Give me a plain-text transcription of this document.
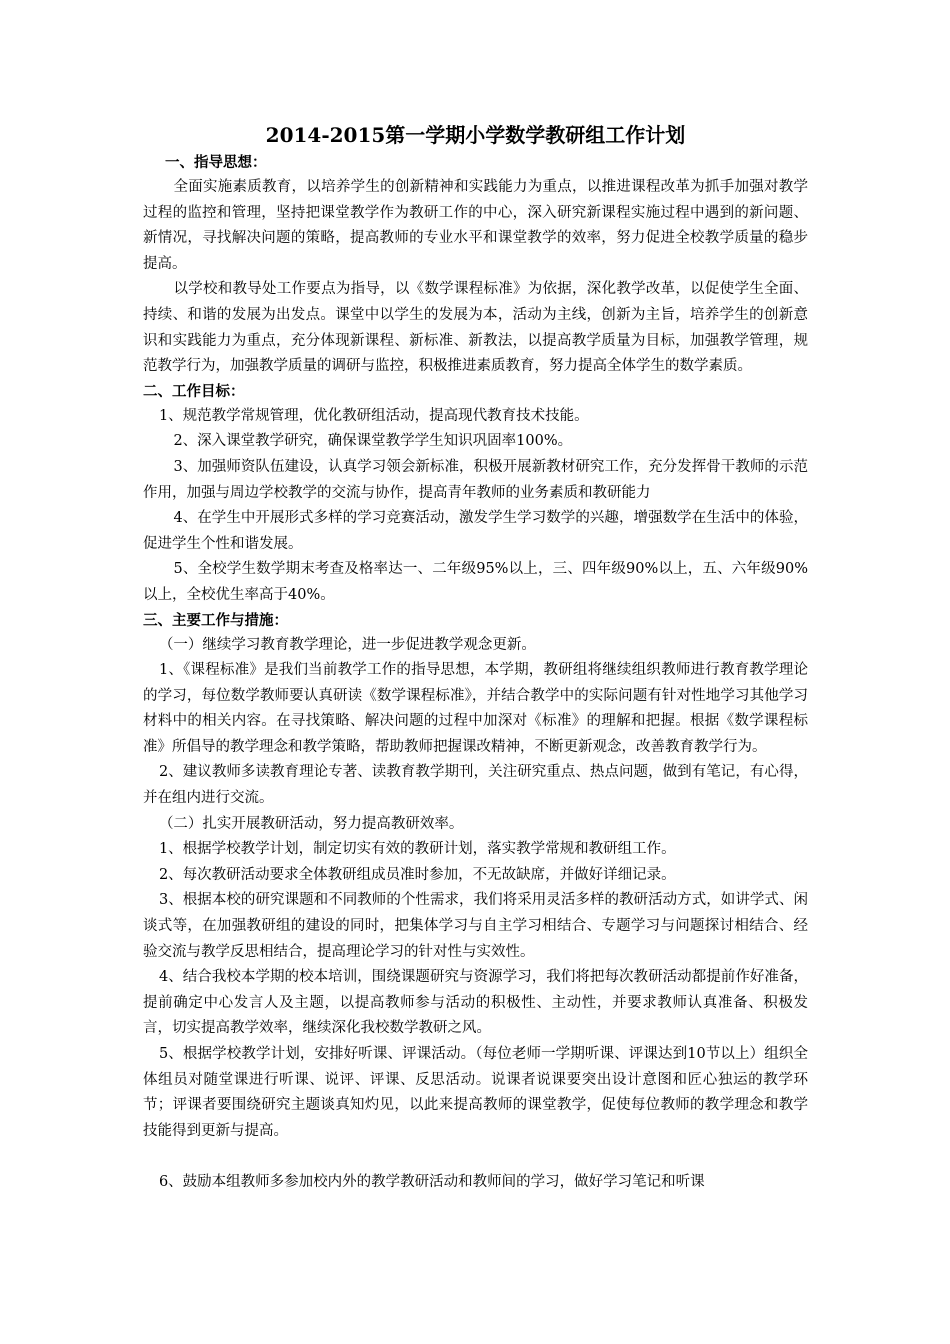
2014-2015第一学期小学数学教研组工作计划

一、指导思想：

全面实施素质教育，以培养学生的创新精神和实践能力为重点，以推进课程改革为抓手加强对教学过程的监控和管理，坚持把课堂教学作为教研工作的中心，深入研究新课程实施过程中遇到的新问题、新情况，寻找解决问题的策略，提高教师的专业水平和课堂教学的效率，努力促进全校教学质量的稳步提高。

以学校和教导处工作要点为指导，以《数学课程标准》为依据，深化教学改革，以促使学生全面、持续、和谐的发展为出发点。课堂中以学生的发展为本，活动为主线，创新为主旨，培养学生的创新意识和实践能力为重点，充分体现新课程、新标准、新教法，以提高教学质量为目标，加强教学管理，规范教学行为，加强教学质量的调研与监控，积极推进素质教育，努力提高全体学生的数学素质。

二、工作目标：

1、规范教学常规管理，优化教研组活动，提高现代教育技术技能。

2、深入课堂教学研究，确保课堂教学学生知识巩固率100%。

3、加强师资队伍建设，认真学习领会新标准，积极开展新教材研究工作，充分发挥骨干教师的示范作用，加强与周边学校教学的交流与协作，提高青年教师的业务素质和教研能力

4、在学生中开展形式多样的学习竞赛活动，激发学生学习数学的兴趣，增强数学在生活中的体验，促进学生个性和谐发展。

5、全校学生数学期末考查及格率达一、二年级95%以上，三、四年级90%以上，五、六年级90%以上，全校优生率高于40%。

三、主要工作与措施：

（一）继续学习教育教学理论，进一步促进教学观念更新。

1、《课程标准》是我们当前教学工作的指导思想，本学期，教研组将继续组织教师进行教育教学理论的学习，每位数学教师要认真研读《数学课程标准》，并结合教学中的实际问题有针对性地学习其他学习材料中的相关内容。在寻找策略、解决问题的过程中加深对《标准》的理解和把握。根据《数学课程标准》所倡导的教学理念和教学策略，帮助教师把握课改精神，不断更新观念，改善教育教学行为。

2、建议教师多读教育理论专著、读教育教学期刊，关注研究重点、热点问题，做到有笔记，有心得，并在组内进行交流。

（二）扎实开展教研活动，努力提高教研效率。

1、根据学校教学计划，制定切实有效的教研计划，落实教学常规和教研组工作。

2、每次教研活动要求全体教研组成员准时参加，不无故缺席，并做好详细记录。

3、根据本校的研究课题和不同教师的个性需求，我们将采用灵活多样的教研活动方式，如讲学式、闲谈式等，在加强教研组的建设的同时，把集体学习与自主学习相结合、专题学习与问题探讨相结合、经验交流与教学反思相结合，提高理论学习的针对性与实效性。

4、结合我校本学期的校本培训，围绕课题研究与资源学习，我们将把每次教研活动都提前作好准备，提前确定中心发言人及主题，以提高教师参与活动的积极性、主动性，并要求教师认真准备、积极发言，切实提高教学效率，继续深化我校数学教研之风。

5、根据学校教学计划，安排好听课、评课活动。（每位老师一学期听课、评课达到10节以上）组织全体组员对随堂课进行听课、说评、评课、反思活动。说课者说课要突出设计意图和匠心独运的教学环节；评课者要围绕研究主题谈真知灼见，以此来提高教师的课堂教学，促使每位教师的教学理念和教学技能得到更新与提高。

6、鼓励本组教师多参加校内外的教学教研活动和教师间的学习，做好学习笔记和听课
